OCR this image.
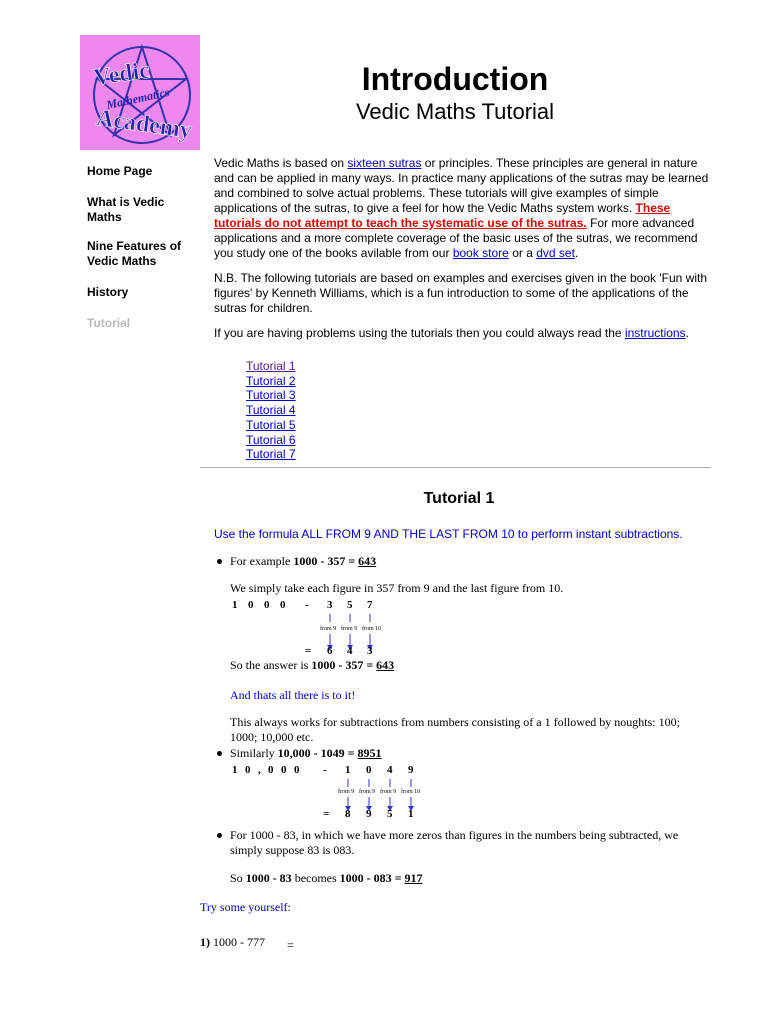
Vedic
Mathematics
Academy
Introduction
Vedic Maths Tutorial
Home Page
What is Vedic Maths
Nine Features of Vedic Maths
History
Tutorial

Vedic Maths is based on sixteen sutras or principles. These principles are general in nature and can be applied in many ways. In practice many applications of the sutras may be learned and combined to solve actual problems. These tutorials will give examples of simple applications of the sutras, to give a feel for how the Vedic Maths system works. These tutorials do not attempt to teach the systematic use of the sutras. For more advanced applications and a more complete coverage of the basic uses of the sutras, we recommend you study one of the books avilable from our book store or a dvd set.

N.B. The following tutorials are based on examples and exercises given in the book 'Fun with figures' by Kenneth Williams, which is a fun introduction to some of the applications of the sutras for children.

If you are having problems using the tutorials then you could always read the instructions.

Tutorial 1
Tutorial 2
Tutorial 3
Tutorial 4
Tutorial 5
Tutorial 6
Tutorial 7
Tutorial 1
Use the formula ALL FROM 9 AND THE LAST FROM 10 to perform instant subtractions.
For example 1000 - 357 = 643
We simply take each figure in 357 from 9 and the last figure from 10.
1 0 0 0 - 3 5 7
from 9 from 9 from 10
= 6 4 3
So the answer is 1000 - 357 = 643
And thats all there is to it!
This always works for subtractions from numbers consisting of a 1 followed by noughts: 100; 1000; 10,000 etc.
Similarly 10,000 - 1049 = 8951
1 0 , 0 0 0 - 1 0 4 9
from 9 from 9 from 9 from 10
= 8 9 5 1
For 1000 - 83, in which we have more zeros than figures in the numbers being subtracted, we simply suppose 83 is 083.
So 1000 - 83 becomes 1000 - 083 = 917
Try some yourself:
1) 1000 - 777 =
